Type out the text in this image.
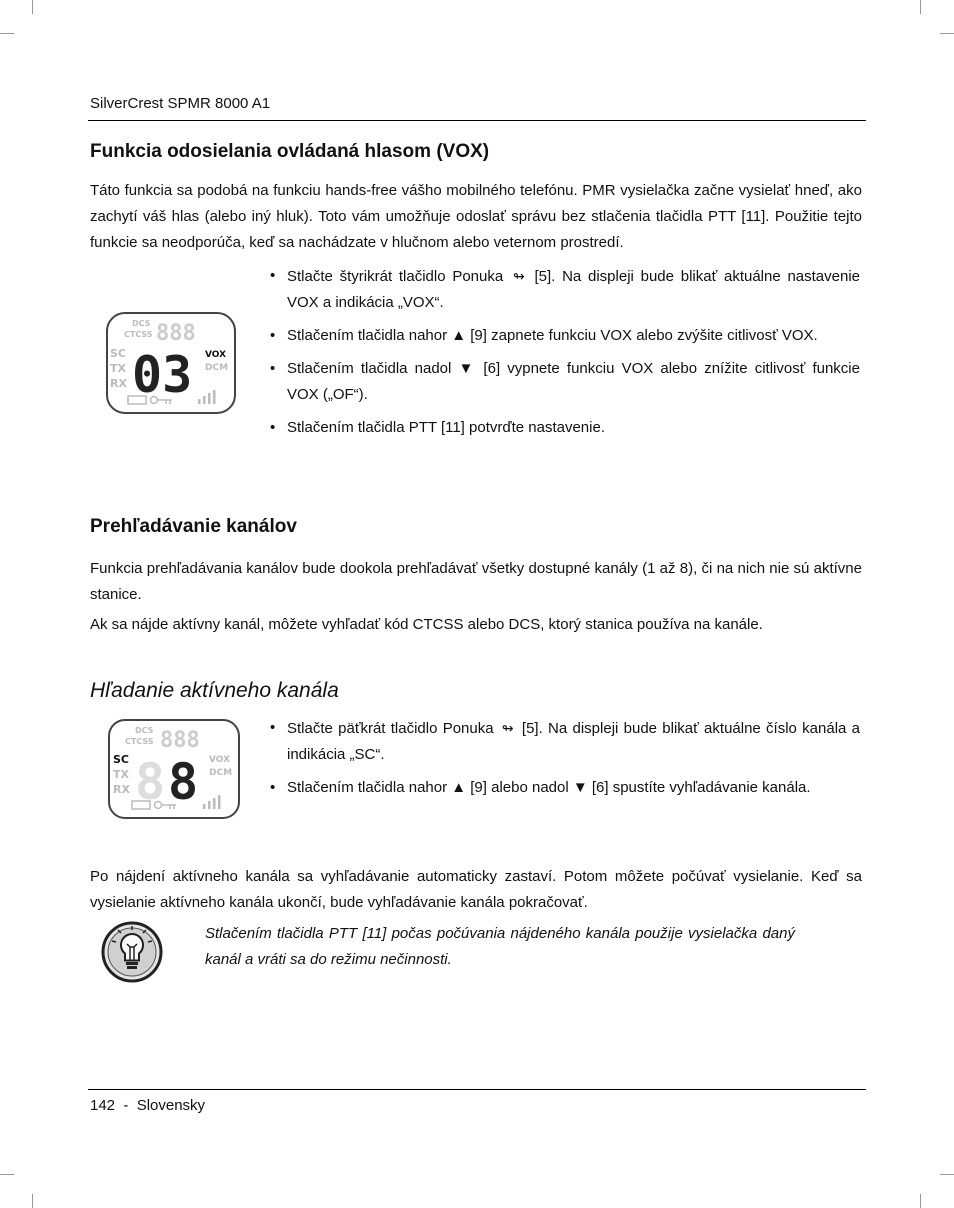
SilverCrest SPMR 8000 A1
Funkcia odosielania ovládaná hlasom (VOX)

Táto funkcia sa podobá na funkciu hands-free vášho mobilného telefónu. PMR vysielačka začne vysielať hneď, ako zachytí váš hlas (alebo iný hluk). Toto vám umožňuje odoslať správu bez stlačenia tlačidla PTT [11]. Použitie tejto funkcie sa neodporúča, keď sa nachádzate v hlučnom alebo veternom prostredí.

DCS
CTCSS 888
SC
TX
RX 03 VOX
DCM
• Stlačte štyrikrát tlačidlo Ponuka ↬ [5]. Na displeji bude blikať aktuálne nastavenie VOX a indikácia „VOX“.
• Stlačením tlačidla nahor ▲ [9] zapnete funkciu VOX alebo zvýšite citlivosť VOX.
• Stlačením tlačidla nadol ▼ [6] vypnete funkciu VOX alebo znížite citlivosť funkcie VOX („OF“).
• Stlačením tlačidla PTT [11] potvrďte nastavenie.
Prehľadávanie kanálov

Funkcia prehľadávania kanálov bude dookola prehľadávať všetky dostupné kanály (1 až 8), či na nich nie sú aktívne stanice.

Ak sa nájde aktívny kanál, môžete vyhľadať kód CTCSS alebo DCS, ktorý stanica používa na kanále.

Hľadanie aktívneho kanála
DCS
CTCSS 888
SC
TX
RX 8 8 VOX
DCM
• Stlačte päťkrát tlačidlo Ponuka ↬ [5]. Na displeji bude blikať aktuálne číslo kanála a indikácia „SC“.
• Stlačením tlačidla nahor ▲ [9] alebo nadol ▼ [6] spustíte vyhľadávanie kanála.

Po nájdení aktívneho kanála sa vyhľadávanie automaticky zastaví. Potom môžete počúvať vysielanie. Keď sa vysielanie aktívneho kanála ukončí, bude vyhľadávanie kanála pokračovať.

Stlačením tlačidla PTT [11] počas počúvania nájdeného kanála použije vysielačka daný kanál a vráti sa do režimu nečinnosti.

142  -  Slovensky
